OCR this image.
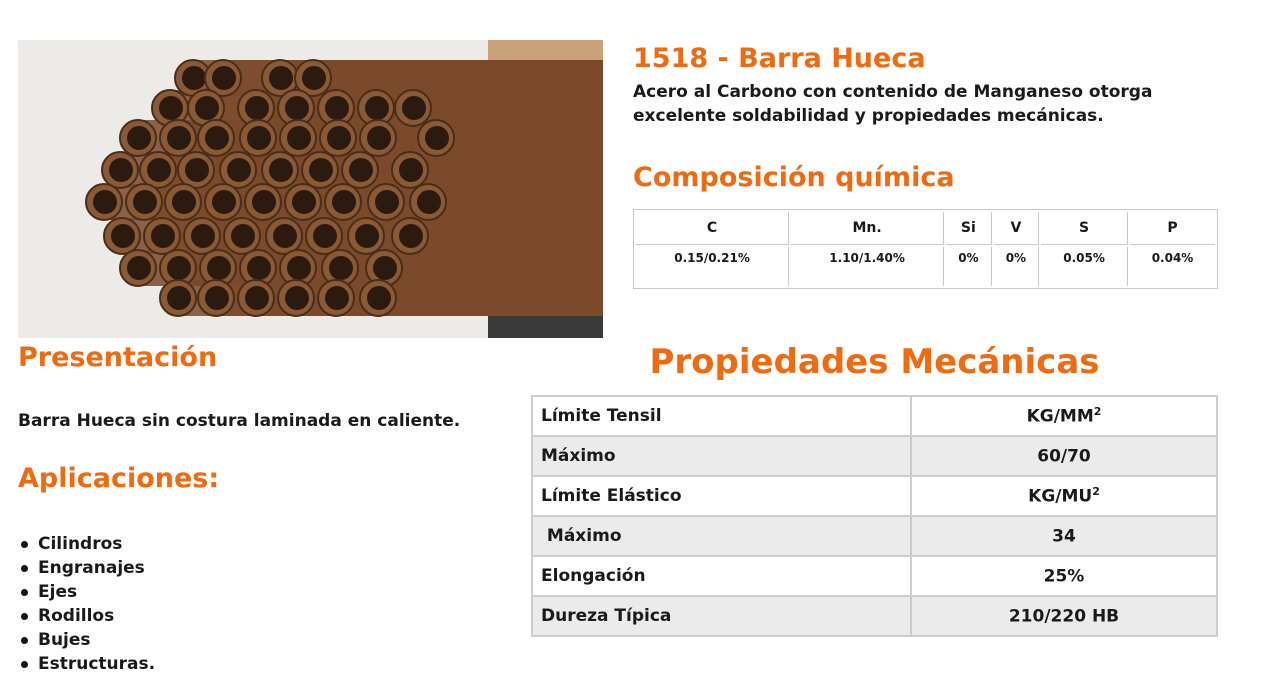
1518 - Barra Hueca

Acero al Carbono con contenido de Manganeso otorga excelente soldabilidad y propiedades mecánicas.

Composición química
C	Mn.	Si	V	S	P
0.15/0.21%	1.10/1.40%	0%	0%	0.05%	0.04%
Presentación

Barra Hueca sin costura laminada en caliente.

Aplicaciones:
Cilindros
Engranajes
Ejes
Rodillos
Bujes
Estructuras.
Propiedades Mecánicas
Límite Tensil	$KG/MM^2$
Máximo	60/70
Límite Elástico	$KG/MU^2$
Máximo	34
Elongación	25%
Dureza Típica	210/220 HB
